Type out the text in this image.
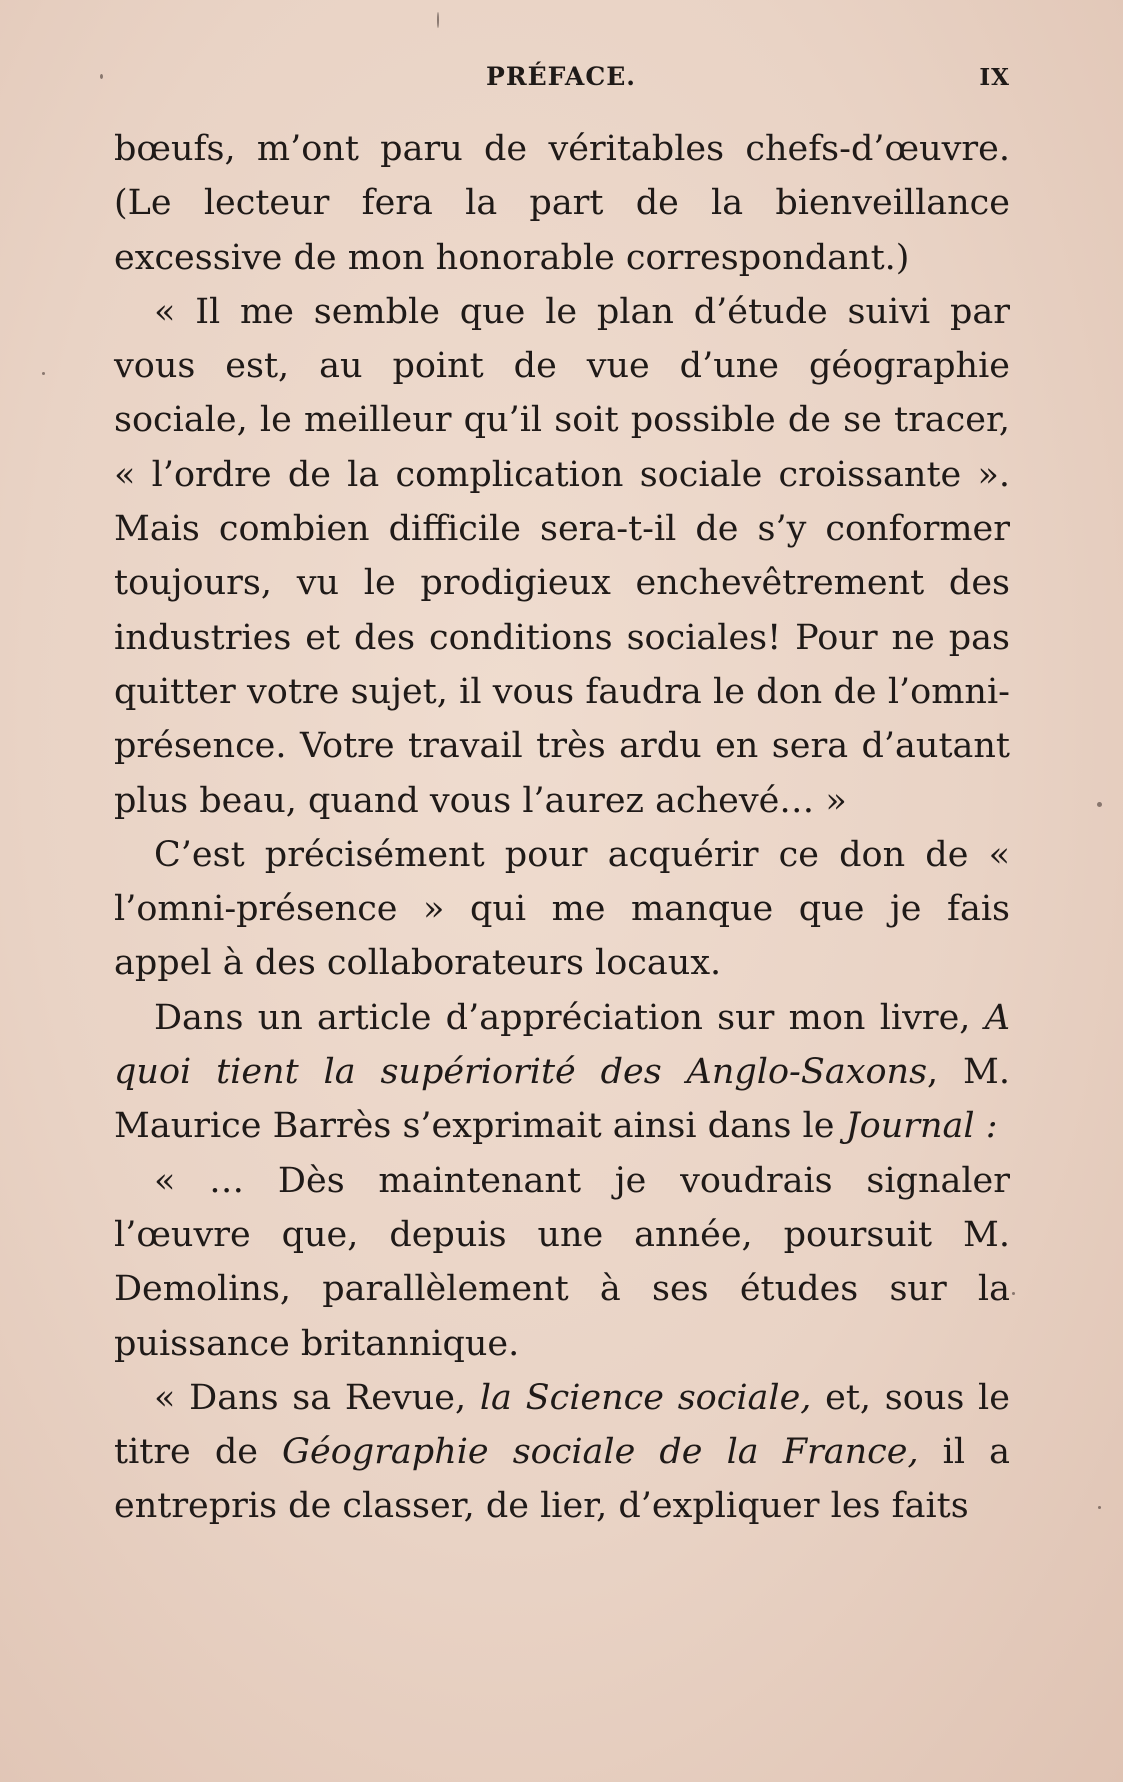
PRÉFACE.	IX

bœufs, m’ont paru de véritables chefs-d’œuvre. (Le lecteur fera la part de la bienveillance excessive de mon honorable correspondant.)

« Il me semble que le plan d’étude suivi par vous est, au point de vue d’une géographie sociale, le meilleur qu’il soit possible de se tracer, « l’ordre de la complication sociale croissante ». Mais combien difficile sera-t-il de s’y conformer toujours, vu le prodigieux enchevêtrement des industries et des conditions sociales! Pour ne pas quitter votre sujet, il vous faudra le don de l’omni-présence. Votre travail très ardu en sera d’autant plus beau, quand vous l’aurez achevé… »

C’est précisément pour acquérir ce don de « l’omni-présence » qui me manque que je fais appel à des collaborateurs locaux.

Dans un article d’appréciation sur mon livre, A quoi tient la supériorité des Anglo-Saxons, M. Maurice Barrès s’exprimait ainsi dans le Journal :

« … Dès maintenant je voudrais signaler l’œuvre que, depuis une année, poursuit M. Demolins, parallèlement à ses études sur la puissance britannique.

« Dans sa Revue, la Science sociale, et, sous le titre de Géographie sociale de la France, il a entrepris de classer, de lier, d’expliquer les faits
